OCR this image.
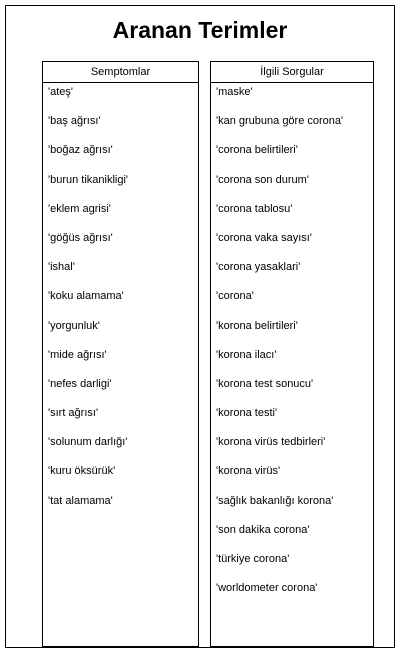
Aranan Terimler
Semptomlar
'ateş'
'baş ağrısı'
'boğaz ağrısı'
'burun tikanikligi'
'eklem agrisi'
'göğüs ağrısı'
'ishal'
'koku alamama'
'yorgunluk'
'mide ağrısı'
'nefes darligi'
'sırt ağrısı'
'solunum darlığı'
'kuru öksürük'
'tat alamama'
İlgili Sorgular
'maske'
'kan grubuna göre corona'
'corona belirtileri'
'corona son durum'
'corona tablosu'
'corona vaka sayısı'
'corona yasaklari'
'corona'
'korona belirtileri'
'korona ilacı'
'korona test sonucu'
'korona testi'
'korona virüs tedbirleri'
'korona virüs'
'sağlık bakanlığı korona'
'son dakika corona'
'türkiye corona'
'worldometer corona'
